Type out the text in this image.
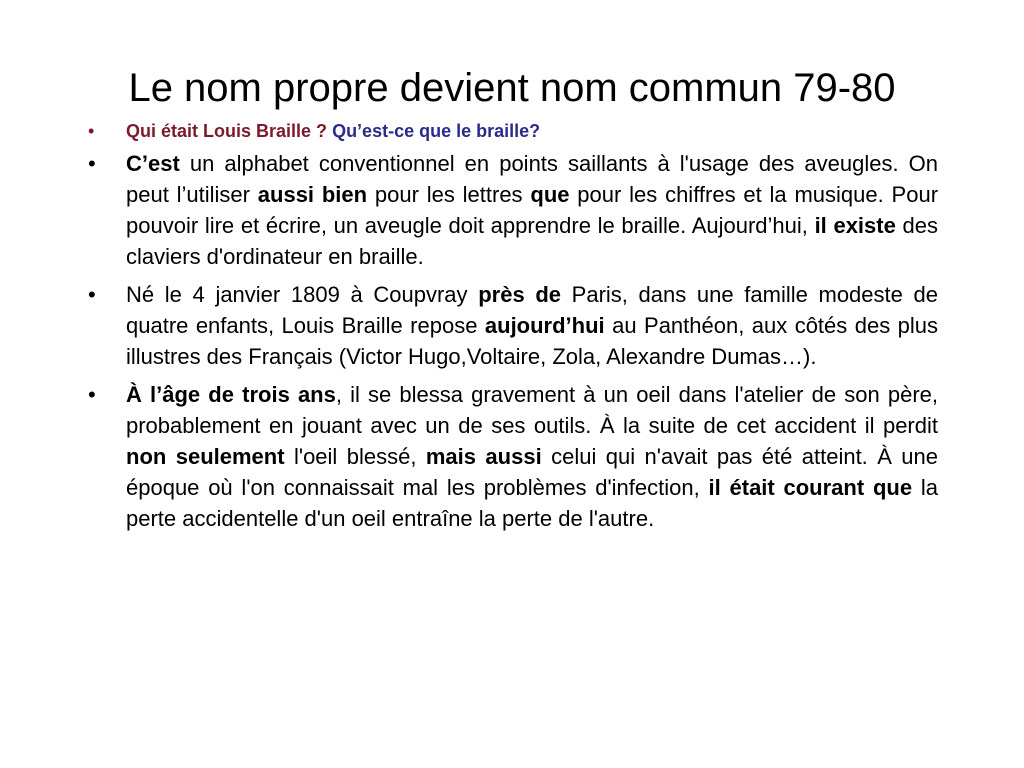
Le nom propre devient nom commun 79-80
• Qui était Louis Braille ? Qu’est-ce que le braille?
• C’est un alphabet conventionnel en points saillants à l'usage des aveugles. On peut l’utiliser aussi bien pour les lettres que pour les chiffres et la musique. Pour pouvoir lire et écrire, un aveugle doit apprendre le braille. Aujourd’hui, il existe des claviers d'ordinateur en braille.
• Né le 4 janvier 1809 à Coupvray près de Paris, dans une famille modeste de quatre enfants, Louis Braille repose aujourd’hui au Panthéon, aux côtés des plus illustres des Français (Victor Hugo,Voltaire, Zola, Alexandre Dumas…).
• À l’âge de trois ans, il se blessa gravement à un oeil dans l'atelier de son père, probablement en jouant avec un de ses outils. À la suite de cet accident il perdit non seulement l'oeil blessé, mais aussi celui qui n'avait pas été atteint. À une époque où l'on connaissait mal les problèmes d'infection, il était courant que la perte accidentelle d'un oeil entraîne la perte de l'autre.
